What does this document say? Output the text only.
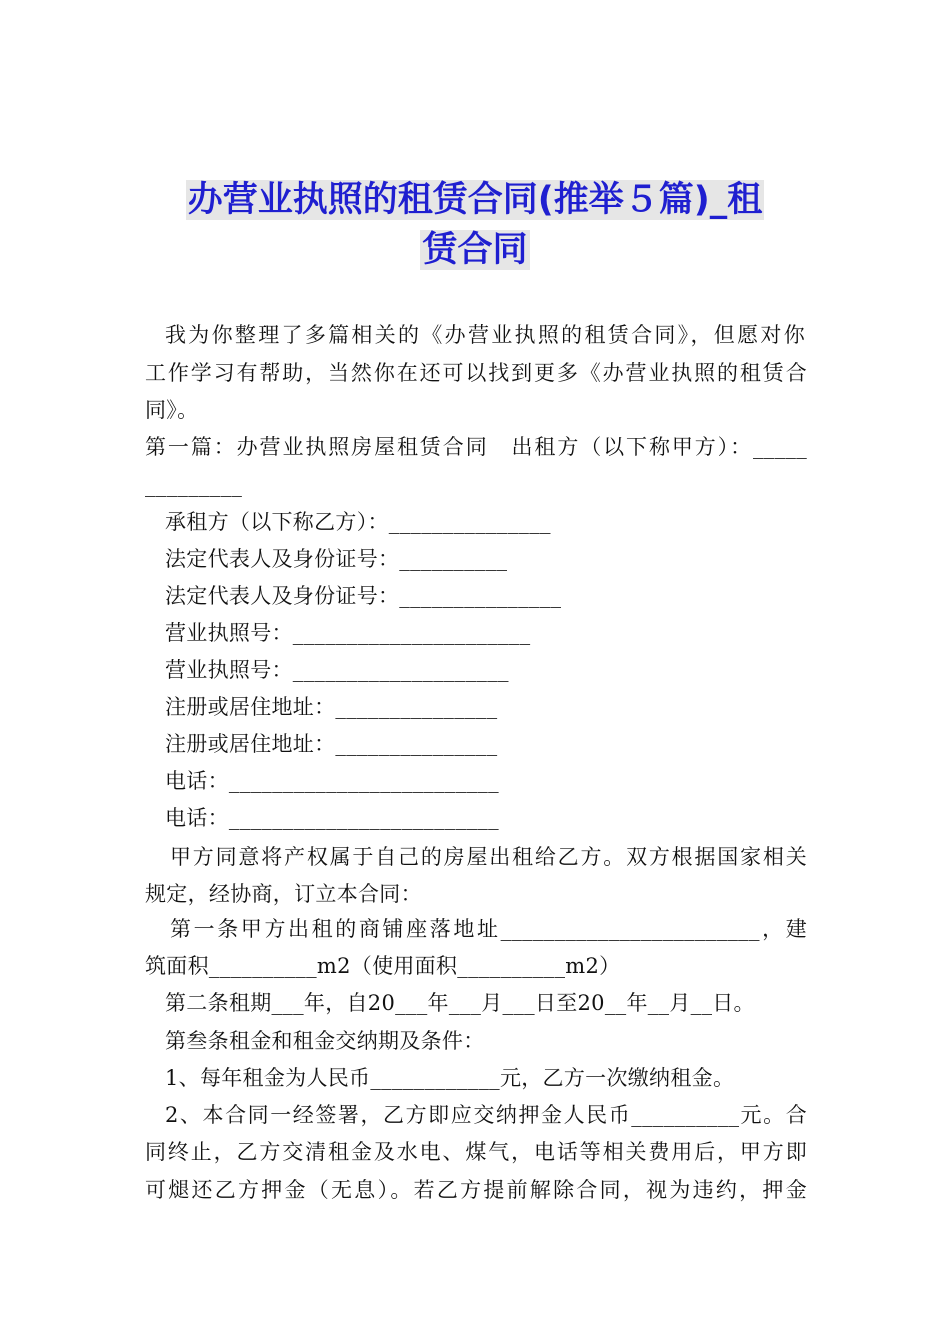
办营业执照的租赁合同(推举５篇)_租
赁合同
我为你整理了多篇相关的《办营业执照的租赁合同》，但愿对你
工作学习有帮助，当然你在还可以找到更多《办营业执照的租赁合
同》。
第一篇：办营业执照房屋租赁合同　出租方（以下称甲方）：_____
_________
承租方（以下称乙方）：_______________
法定代表人及身份证号：__________
法定代表人及身份证号：_______________
营业执照号：______________________
营业执照号：____________________
注册或居住地址：_______________
注册或居住地址：_______________
电话：_________________________
电话：_________________________
甲方同意将产权属于自己的房屋出租给乙方。双方根据国家相关
规定，经协商，订立本合同：
第一条甲方出租的商铺座落地址________________________，建
筑面积__________m2（使用面积__________m2）
第二条租期___年，自20___年___月___日至20__年__月__日。
第叁条租金和租金交纳期及条件：
1、每年租金为人民币____________元，乙方一次缴纳租金。
2、本合同一经签署，乙方即应交纳押金人民币__________元。合
同终止，乙方交清租金及水电、煤气，电话等相关费用后，甲方即
可煺还乙方押金（无息）。若乙方提前解除合同，视为违约，押金
